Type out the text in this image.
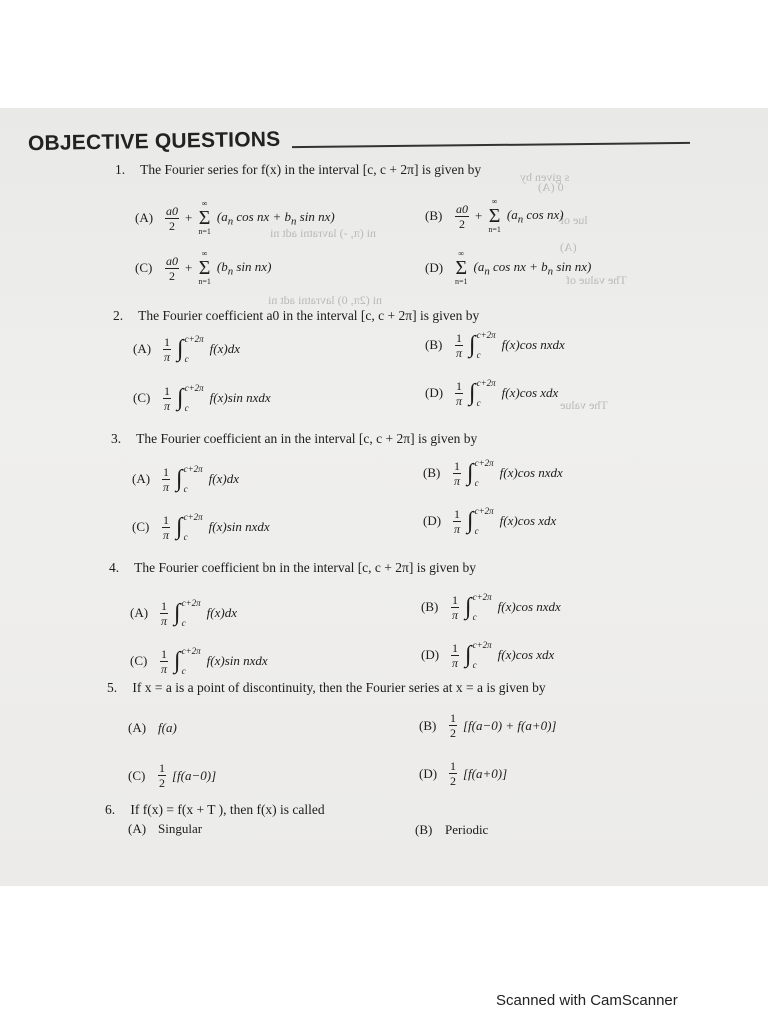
s given by
0 (A)
lue of
ni (π, -) lavratni adt ni
(A)
The value of
ni (2π, 0) lavratni adt ni
The value
OBJECTIVE QUESTIONS
1. The Fourier series for f(x) in the interval [c, c + 2π] is given by
$(A) \frac{a0}{2}$ +
∞
Σ
n=1
($a_n$ cos nx + $b_n$ sin nx)	(B)	$\frac{a0}{2}$ +
∞
Σ
n=1
($a_n$ cos nx)
(C)	$\frac{a0}{2}$ +
∞
Σ
n=1
($b_n$ sin nx)	(D)
∞
Σ
n=1
($a_n$ cos nx + $b_n$ sin nx)
2. The Fourier coefficient a0 in the interval [c, c + 2π] is given by
$(A) \frac{1}{\pi}$ ∫ c+2π
c
f(x)dx	(B)	$\frac{1}{\pi}$ ∫ c+2π
c
f(x)cos nxdx
(C)	$\frac{1}{\pi}$ ∫ c+2π
c
f(x)sin nxdx	$(D) \frac{1}{\pi}$ ∫ c+2π
c
f(x)cos xdx
3. The Fourier coefficient an in the interval [c, c + 2π] is given by
$(A) \frac{1}{\pi}$ ∫ c+2π
c
f(x)dx	(B)	$\frac{1}{\pi}$ ∫ c+2π
c
f(x)cos nxdx
(C)	$\frac{1}{\pi}$ ∫ c+2π
c
f(x)sin nxdx	$(D) \frac{1}{\pi}$ ∫ c+2π
c
f(x)cos xdx
4. The Fourier coefficient bn in the interval [c, c + 2π] is given by
$(A) \frac{1}{\pi}$ ∫ c+2π
c
f(x)dx	(B)	$\frac{1}{\pi}$ ∫ c+2π
c
f(x)cos nxdx
(C)	$\frac{1}{\pi}$ ∫ c+2π
c
f(x)sin nxdx	$(D) \frac{1}{\pi}$ ∫ c+2π
c
f(x)cos xdx
5. If x = a is a point of discontinuity, then the Fourier series at x = a is given by
(A) f(a)	(B)	$\frac{1}{2} [f(a-0) + f(a+0)]$
(C)	$\frac{1}{2} [f(a-0)]$	$(D) \frac{1}{2} [f(a+0)]$
6. If f(x) = f(x + T ), then f(x) is called
(A) Singular	(B) Periodic
Scanned with CamScanner
